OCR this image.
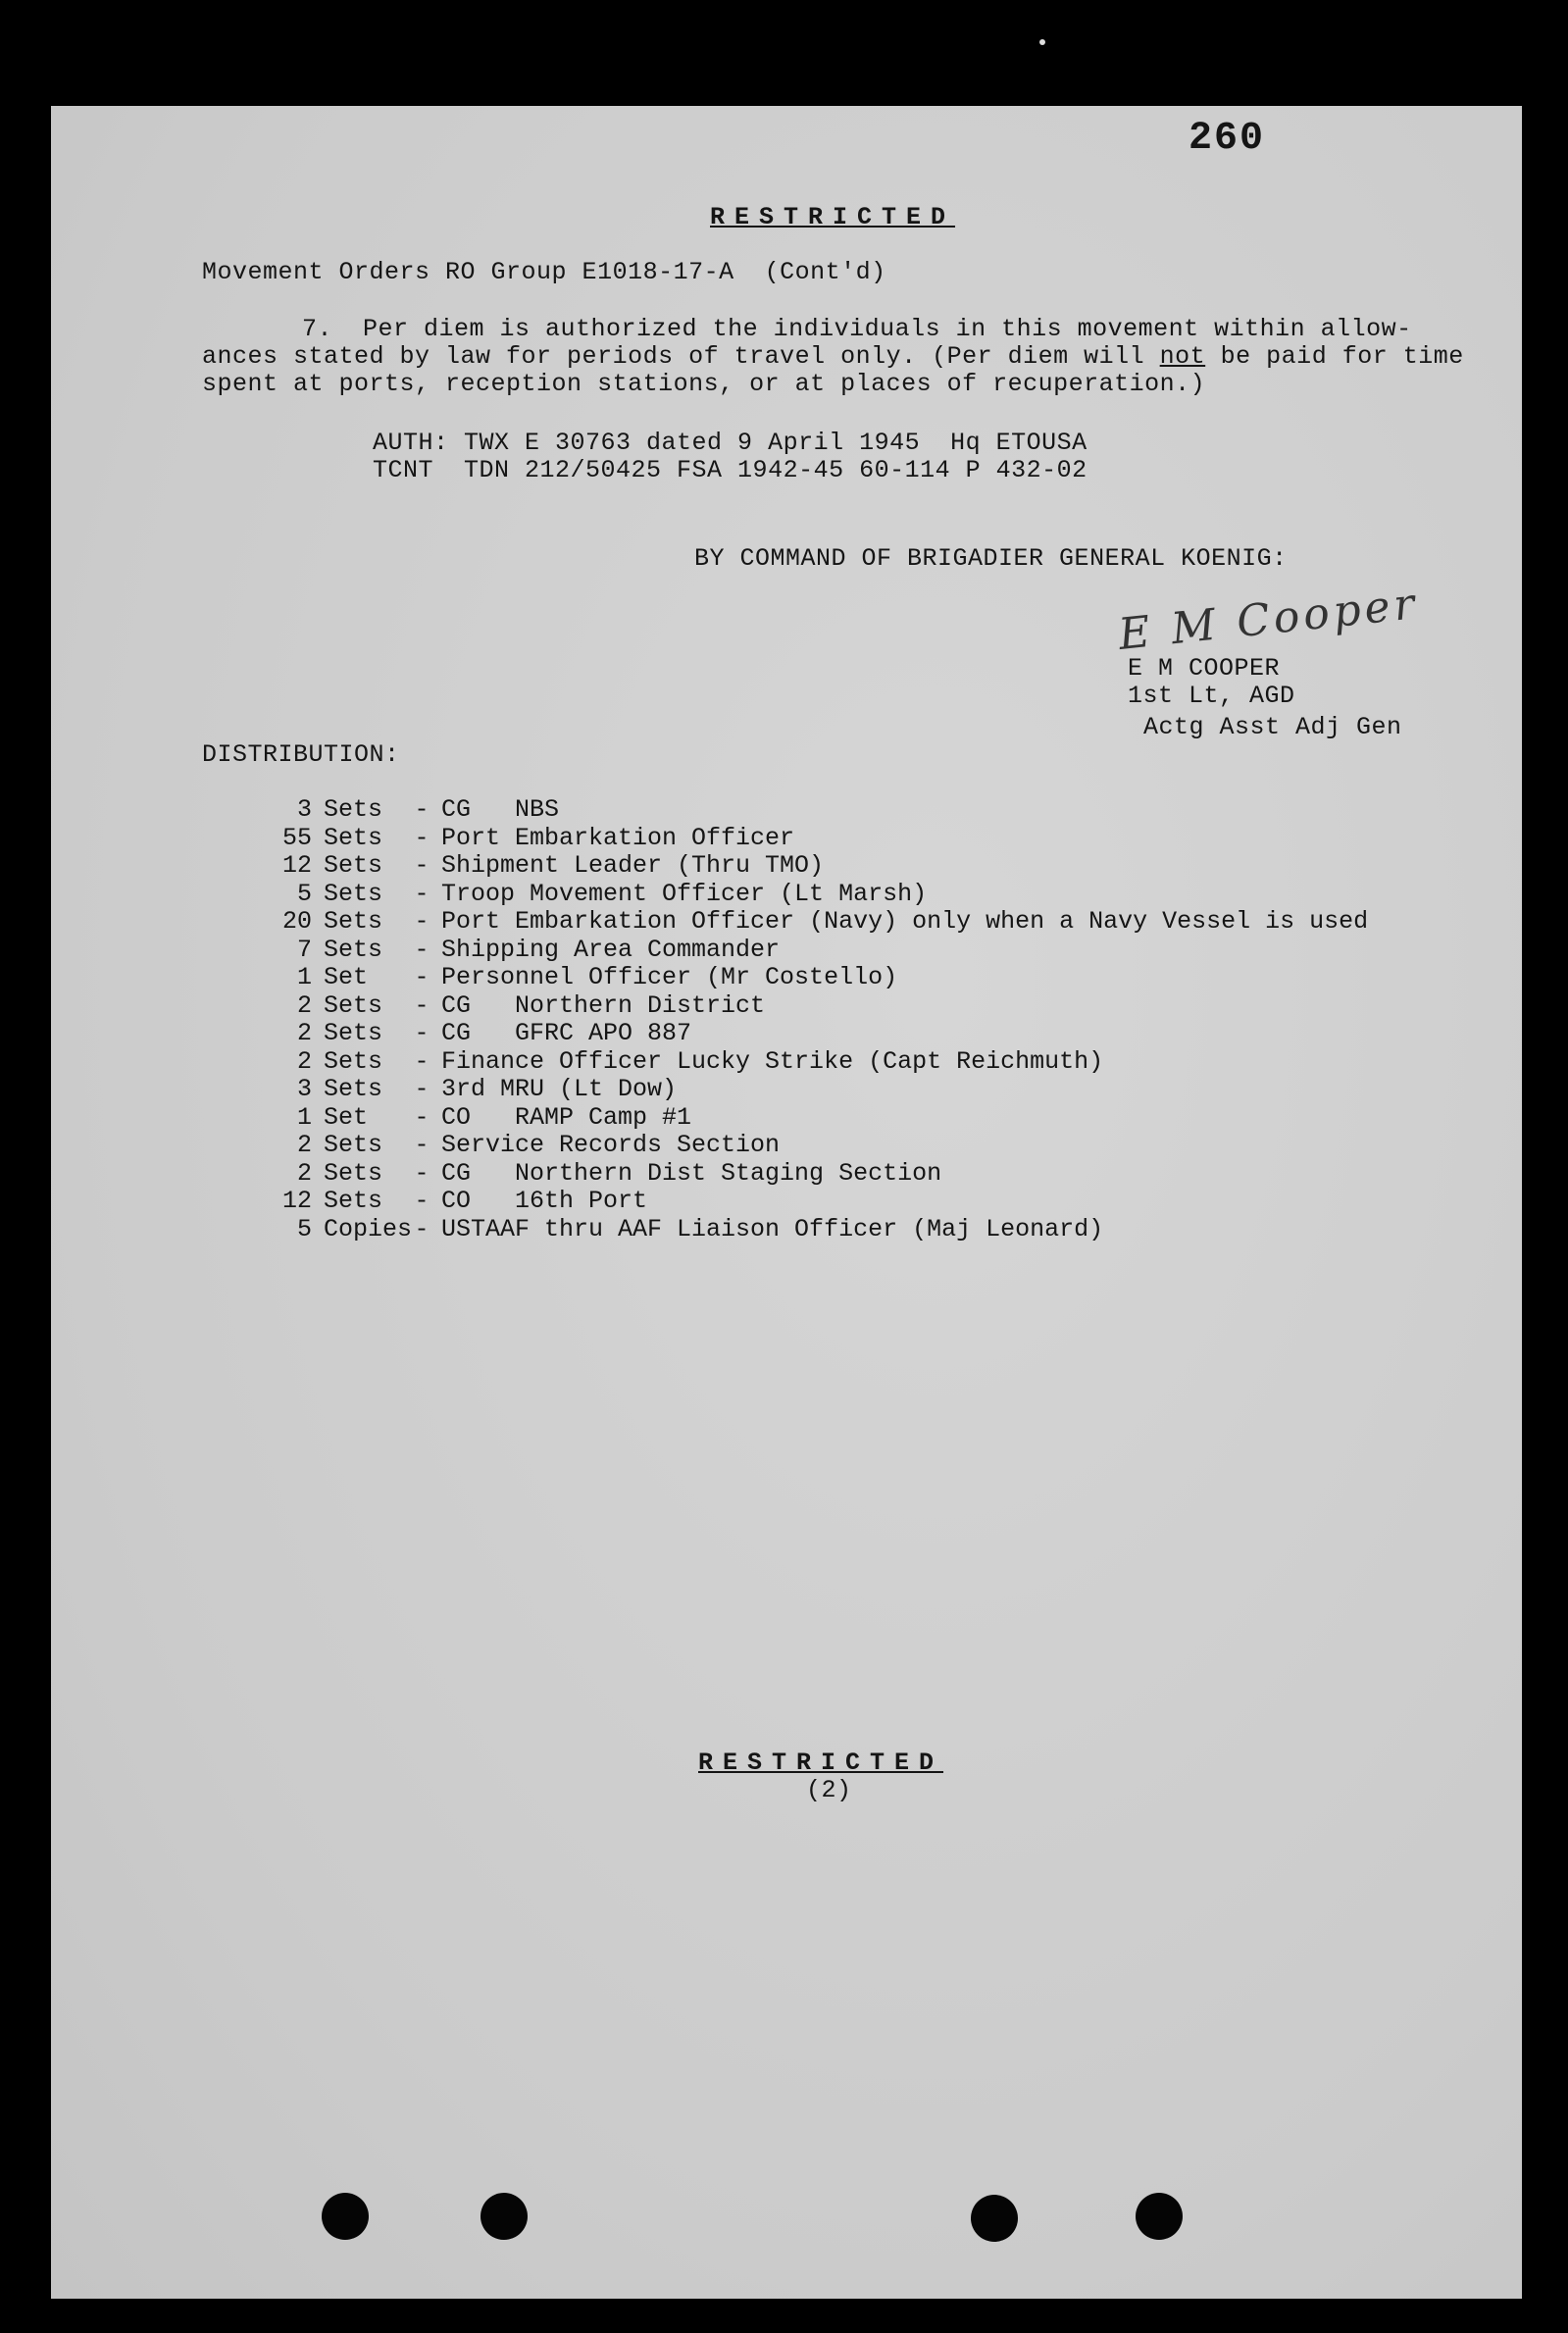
260
RESTRICTED
Movement Orders RO Group E1018-17-A  (Cont'd)
7.  Per diem is authorized the individuals in this movement within allow-
ances stated by law for periods of travel only. (Per diem will not be paid for time
spent at ports, reception stations, or at places of recuperation.)
AUTH: TWX E 30763 dated 9 April 1945  Hq ETOUSA
TCNT  TDN 212/50425 FSA 1942-45 60-114 P 432-02
BY COMMAND OF BRIGADIER GENERAL KOENIG:
E M Cooper
E M COOPER
1st Lt, AGD
Actg Asst Adj Gen
DISTRIBUTION:
3 Sets	- CG   NBS
55 Sets	- Port Embarkation Officer
12 Sets	- Shipment Leader (Thru TMO)
5 Sets	- Troop Movement Officer (Lt Marsh)
20 Sets	- Port Embarkation Officer (Navy) only when a Navy Vessel is used
7 Sets	- Shipping Area Commander
1 Set	- Personnel Officer (Mr Costello)
2 Sets	- CG   Northern District
2 Sets	- CG   GFRC APO 887
2 Sets	- Finance Officer Lucky Strike (Capt Reichmuth)
3 Sets	- 3rd MRU (Lt Dow)
1 Set	- CO   RAMP Camp #1
2 Sets	- Service Records Section
2 Sets	- CG   Northern Dist Staging Section
12 Sets	- CO   16th Port
5 Copies - USTAAF thru AAF Liaison Officer (Maj Leonard)
RESTRICTED
(2)
